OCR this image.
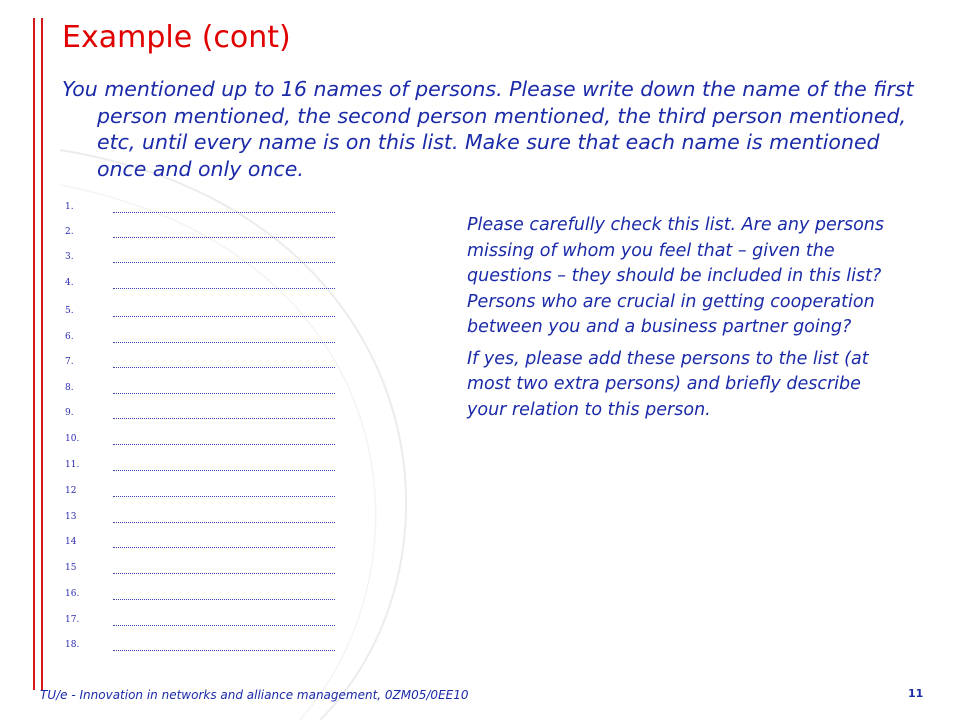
Example (cont)

You mentioned up to 16 names of persons. Please write down the name of the first person mentioned, the second person mentioned, the third person mentioned, etc, until every name is on this list. Make sure that each name is mentioned once and only once.

1.
2.
3.
4.
5.
6.
7.
8.
9.
10.
11.
12
13
14
15
16.
17.
18.

Please carefully check this list. Are any persons missing of whom you feel that – given the questions – they should be included in this list? Persons who are crucial in getting cooperation between you and a business partner going?

If yes, please add these persons to the list (at most two extra persons) and briefly describe your relation to this person.

TU/e - Innovation in networks and alliance management, 0ZM05/0EE10	11
